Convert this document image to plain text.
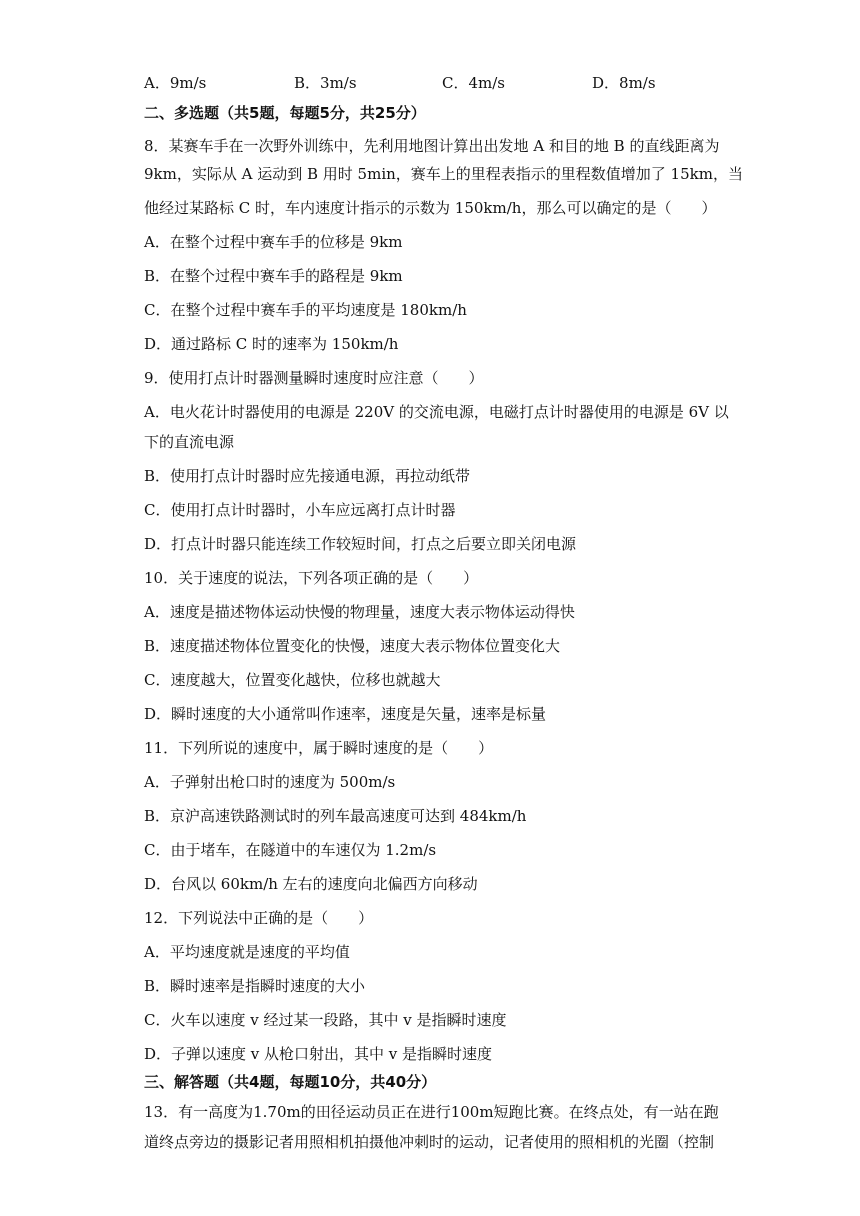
A．9m/s	B．3m/s	C．4m/s	D．8m/s
二、多选题（共5题，每题5分，共25分）
8．某赛车手在一次野外训练中，先利用地图计算出出发地 A 和目的地 B 的直线距离为
9km，实际从 A 运动到 B 用时 5min，赛车上的里程表指示的里程数值增加了 15km，当
他经过某路标 C 时，车内速度计指示的示数为 150km/h，那么可以确定的是（　　）
A．在整个过程中赛车手的位移是 9km
B．在整个过程中赛车手的路程是 9km
C．在整个过程中赛车手的平均速度是 180km/h
D．通过路标 C 时的速率为 150km/h
9．使用打点计时器测量瞬时速度时应注意（　　）
A．电火花计时器使用的电源是 220V 的交流电源，电磁打点计时器使用的电源是 6V 以
下的直流电源
B．使用打点计时器时应先接通电源，再拉动纸带
C．使用打点计时器时，小车应远离打点计时器
D．打点计时器只能连续工作较短时间，打点之后要立即关闭电源
10．关于速度的说法，下列各项正确的是（　　）
A．速度是描述物体运动快慢的物理量，速度大表示物体运动得快
B．速度描述物体位置变化的快慢，速度大表示物体位置变化大
C．速度越大，位置变化越快，位移也就越大
D．瞬时速度的大小通常叫作速率，速度是矢量，速率是标量
11．下列所说的速度中，属于瞬时速度的是（　　）
A．子弹射出枪口时的速度为 500m/s
B．京沪高速铁路测试时的列车最高速度可达到 484km/h
C．由于堵车，在隧道中的车速仅为 1.2m/s
D．台风以 60km/h 左右的速度向北偏西方向移动
12．下列说法中正确的是（　　）
A．平均速度就是速度的平均值
B．瞬时速率是指瞬时速度的大小
C．火车以速度 v 经过某一段路，其中 v 是指瞬时速度
D．子弹以速度 v 从枪口射出，其中 v 是指瞬时速度
三、解答题（共4题，每题10分，共40分）
13．有一高度为1.70m的田径运动员正在进行100m短跑比赛。在终点处，有一站在跑
道终点旁边的摄影记者用照相机拍摄他冲刺时的运动，记者使用的照相机的光圈（控制
